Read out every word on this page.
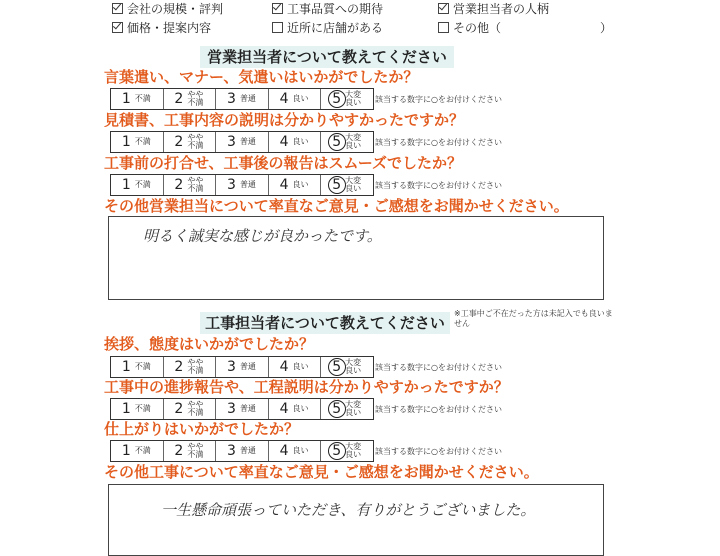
会社の規模・評判	工事品質への期待	営業担当者の人柄
価格・提案内容	近所に店舗がある	その他（	）
営業担当者について教えてください
言葉遣い、マナー、気遣いはいかがでしたか？
1 不満 2 やや不満 3 普通 4 良い 5 大変良い 該当する数字に○をお付けください
見積書、工事内容の説明は分かりやすかったですか？
1 不満 2 やや不満 3 普通 4 良い 5 大変良い 該当する数字に○をお付けください
工事前の打合せ、工事後の報告はスムーズでしたか？
1 不満 2 やや不満 3 普通 4 良い 5 大変良い 該当する数字に○をお付けください
その他営業担当について率直なご意見・ご感想をお聞かせください。
明るく誠実な感じが良かったです。
工事担当者について教えてください
※工事中ご不在だった方は未記入でも良いません
挨拶、態度はいかがでしたか？
1 不満 2 やや不満 3 普通 4 良い 5 大変良い 該当する数字に○をお付けください
工事中の進捗報告や、工程説明は分かりやすかったですか？
1 不満 2 やや不満 3 普通 4 良い 5 大変良い 該当する数字に○をお付けください
仕上がりはいかがでしたか？
1 不満 2 やや不満 3 普通 4 良い 5 大変良い 該当する数字に○をお付けください
その他工事について率直なご意見・ご感想をお聞かせください。
一生懸命頑張っていただき、有りがとうございました。
